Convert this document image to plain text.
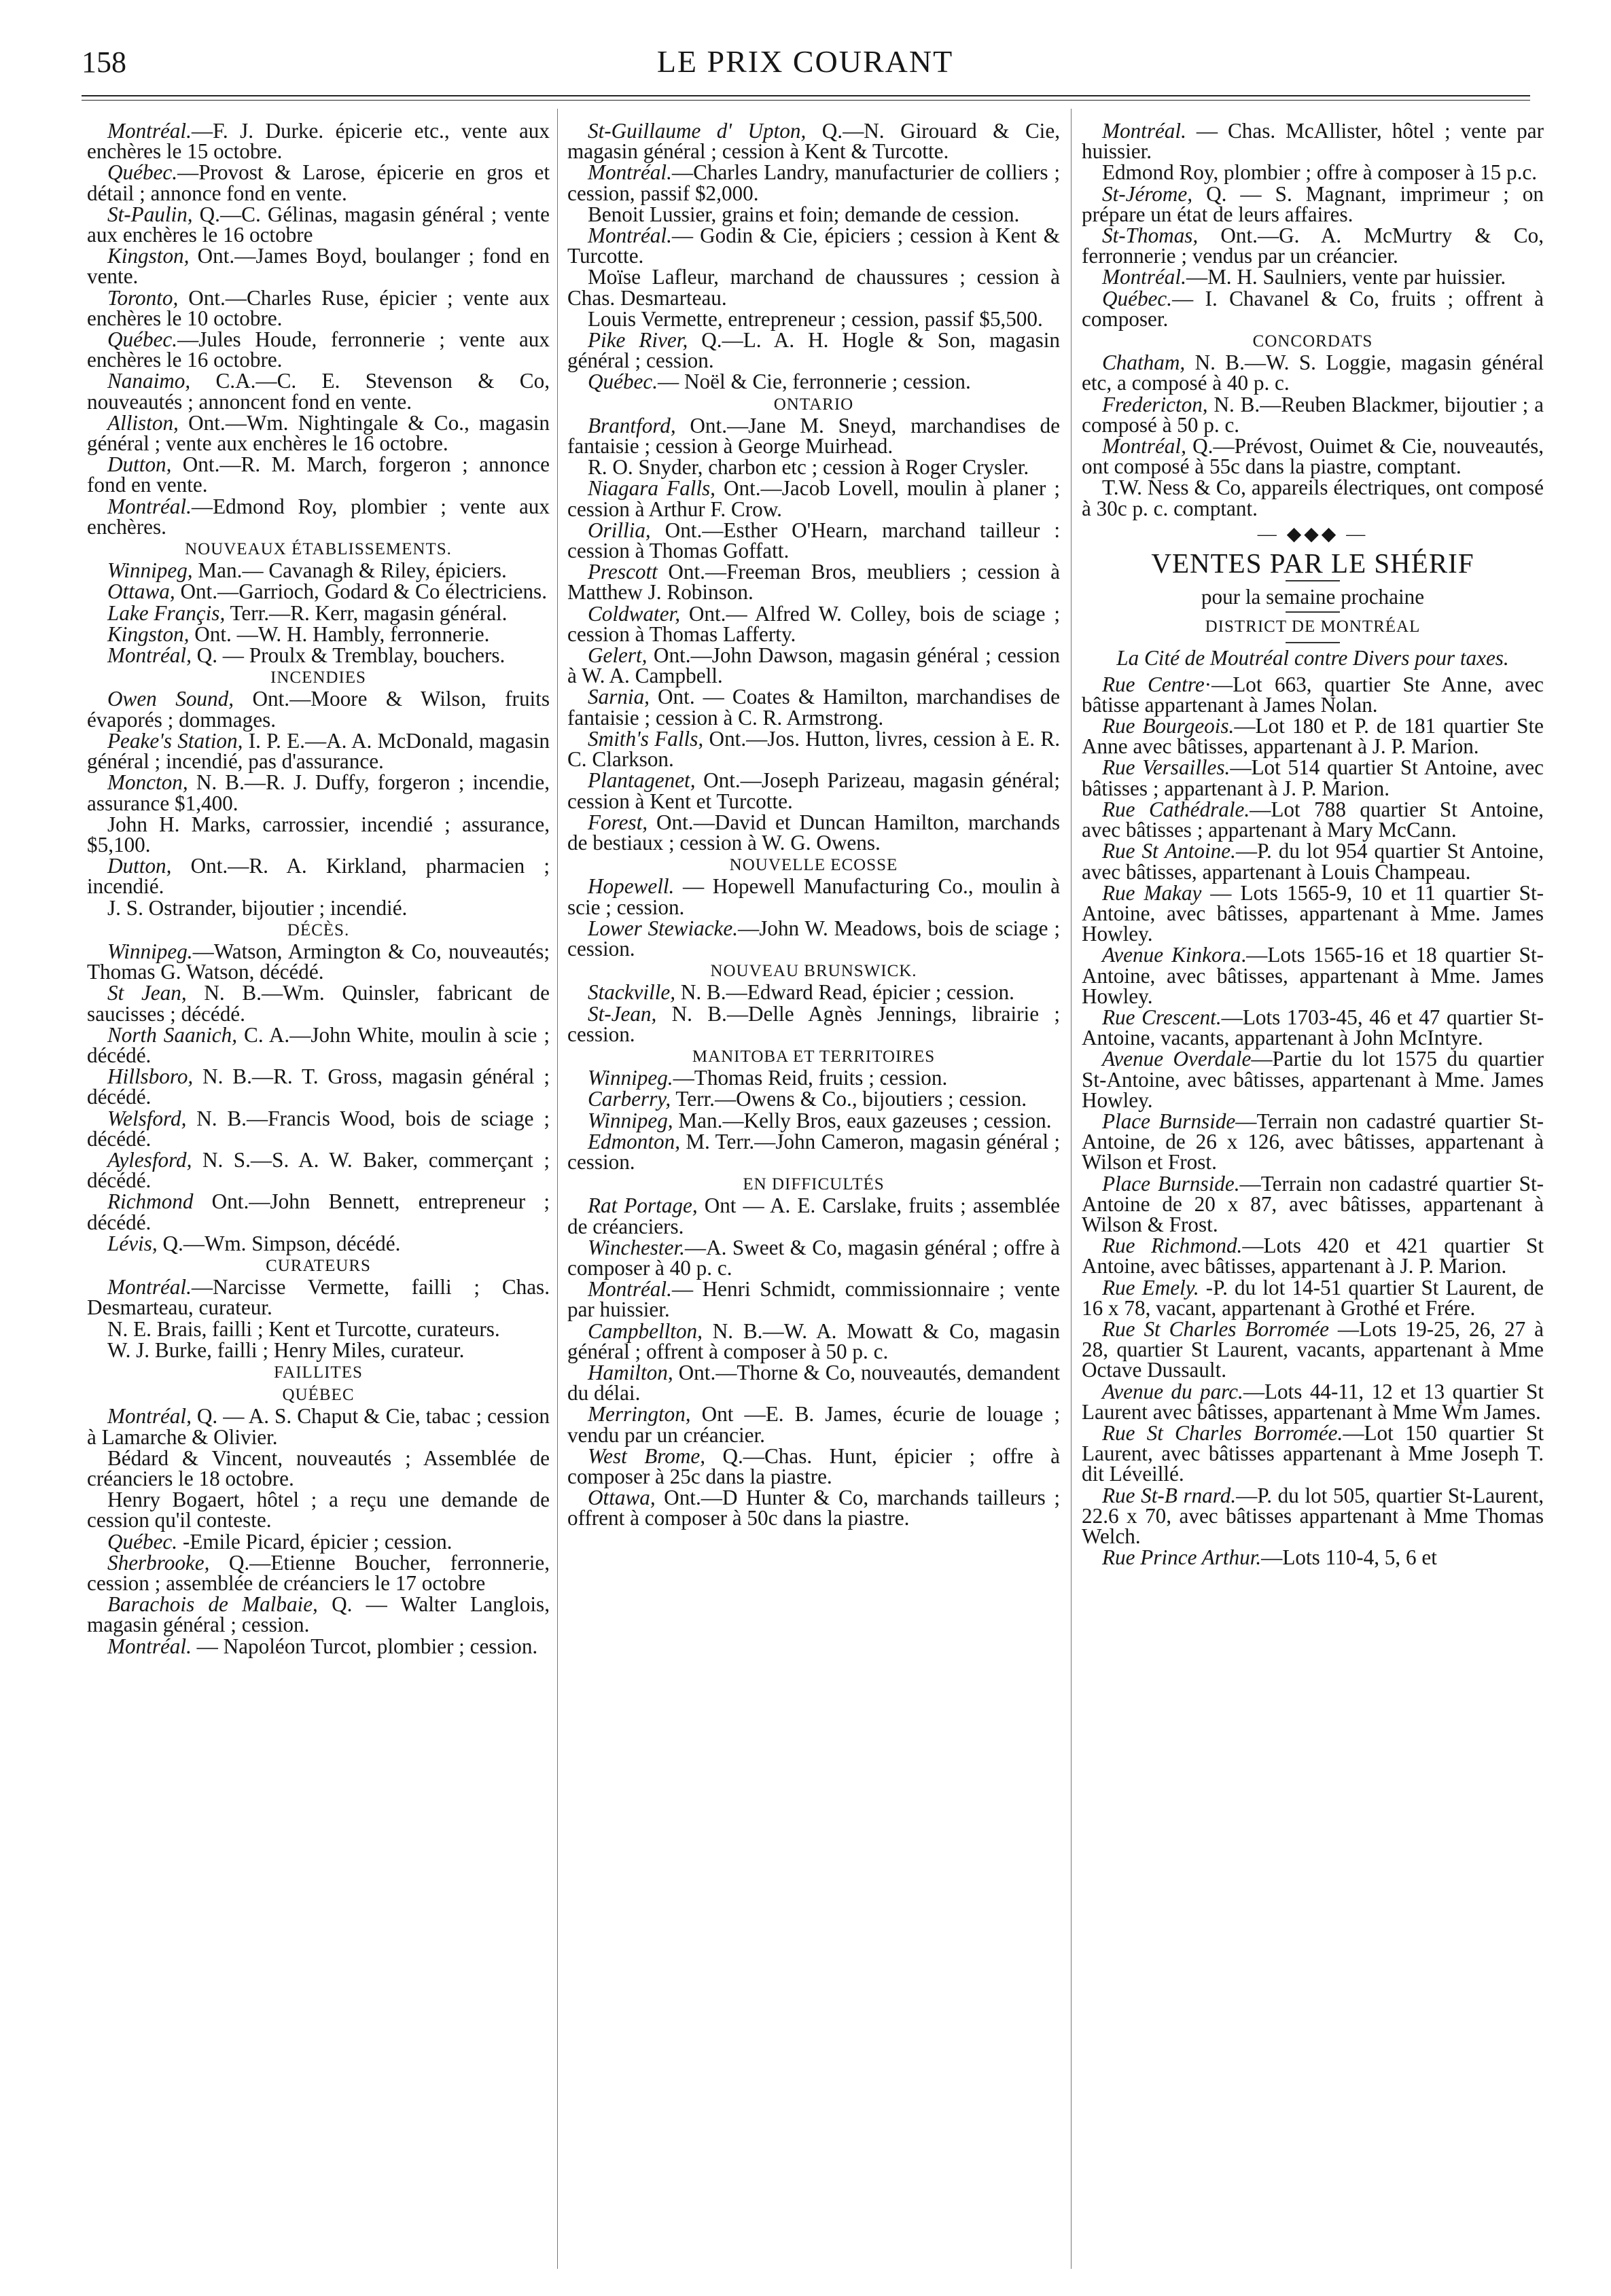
158	LE PRIX COURANT
Montréal.—F. J. Durke. épicerie etc., vente aux enchères le 15 octobre.
Québec.—Provost & Larose, épicerie en gros et détail ; annonce fond en vente.
St-Paulin, Q.—C. Gélinas, magasin général ; vente aux enchères le 16 octobre
Kingston, Ont.—James Boyd, boulanger ; fond en vente.
Toronto, Ont.—Charles Ruse, épicier ; vente aux enchères le 10 octobre.
Québec.—Jules Houde, ferronnerie ; vente aux enchères le 16 octobre.
Nanaimo, C.A.—C. E. Stevenson & Co, nouveautés ; annoncent fond en vente.
Alliston, Ont.—Wm. Nightingale & Co., magasin général ; vente aux enchères le 16 octobre.
Dutton, Ont.—R. M. March, forgeron ; annonce fond en vente.
Montréal.—Edmond Roy, plombier ; vente aux enchères.
NOUVEAUX ÉTABLISSEMENTS.
Winnipeg, Man.— Cavanagh & Riley, épiciers.
Ottawa, Ont.—Garrioch, Godard & Co électriciens.
Lake Françis, Terr.—R. Kerr, magasin général.
Kingston, Ont. —W. H. Hambly, ferronnerie.
Montréal, Q. — Proulx & Tremblay, bouchers.
INCENDIES
Owen Sound, Ont.—Moore & Wilson, fruits évaporés ; dommages.
Peake's Station, I. P. E.—A. A. McDonald, magasin général ; incendié, pas d'assurance.
Moncton, N. B.—R. J. Duffy, forgeron ; incendie, assurance $1,400.
John H. Marks, carrossier, incendié ; assurance, $5,100.
Dutton, Ont.—R. A. Kirkland, pharmacien ; incendié.
J. S. Ostrander, bijoutier ; incendié.
DÉCÈS.
Winnipeg.—Watson, Armington & Co, nouveautés; Thomas G. Watson, décédé.
St Jean, N. B.—Wm. Quinsler, fabricant de saucisses ; décédé.
North Saanich, C. A.—John White, moulin à scie ; décédé.
Hillsboro, N. B.—R. T. Gross, magasin général ; décédé.
Welsford, N. B.—Francis Wood, bois de sciage ; décédé.
Aylesford, N. S.—S. A. W. Baker, commerçant ; décédé.
Richmond Ont.—John Bennett, entrepreneur ; décédé.
Lévis, Q.—Wm. Simpson, décédé.
CURATEURS
Montréal.—Narcisse Vermette, failli ; Chas. Desmarteau, curateur.
N. E. Brais, failli ; Kent et Turcotte, curateurs.
W. J. Burke, failli ; Henry Miles, curateur.
FAILLITES
QUÉBEC
Montréal, Q. — A. S. Chaput & Cie, tabac ; cession à Lamarche & Olivier.
Bédard & Vincent, nouveautés ; Assemblée de créanciers le 18 octobre.
Henry Bogaert, hôtel ; a reçu une demande de cession qu'il conteste.
Québec. -Emile Picard, épicier ; cession.
Sherbrooke, Q.—Etienne Boucher, ferronnerie, cession ; assemblée de créanciers le 17 octobre
Barachois de Malbaie, Q. — Walter Langlois, magasin général ; cession.
Montréal. — Napoléon Turcot, plombier ; cession.
St-Guillaume d' Upton, Q.—N. Girouard & Cie, magasin général ; cession à Kent & Turcotte.
Montréal.—Charles Landry, manufacturier de colliers ; cession, passif $2,000.
Benoit Lussier, grains et foin; demande de cession.
Montréal.— Godin & Cie, épiciers ; cession à Kent & Turcotte.
Moïse Lafleur, marchand de chaussures ; cession à Chas. Desmarteau.
Louis Vermette, entrepreneur ; cession, passif $5,500.
Pike River, Q.—L. A. H. Hogle & Son, magasin général ; cession.
Québec.— Noël & Cie, ferronnerie ; cession.
ONTARIO
Brantford, Ont.—Jane M. Sneyd, marchandises de fantaisie ; cession à George Muirhead.
R. O. Snyder, charbon etc ; cession à Roger Crysler.
Niagara Falls, Ont.—Jacob Lovell, moulin à planer ; cession à Arthur F. Crow.
Orillia, Ont.—Esther O'Hearn, marchand tailleur : cession à Thomas Goffatt.
Prescott Ont.—Freeman Bros, meubliers ; cession à Matthew J. Robinson.
Coldwater, Ont.— Alfred W. Colley, bois de sciage ; cession à Thomas Lafferty.
Gelert, Ont.—John Dawson, magasin général ; cession à W. A. Campbell.
Sarnia, Ont. — Coates & Hamilton, marchandises de fantaisie ; cession à C. R. Armstrong.
Smith's Falls, Ont.—Jos. Hutton, livres, cession à E. R. C. Clarkson.
Plantagenet, Ont.—Joseph Parizeau, magasin général; cession à Kent et Turcotte.
Forest, Ont.—David et Duncan Hamilton, marchands de bestiaux ; cession à W. G. Owens.
NOUVELLE ECOSSE
Hopewell. — Hopewell Manufacturing Co., moulin à scie ; cession.
Lower Stewiacke.—John W. Meadows, bois de sciage ; cession.
NOUVEAU BRUNSWICK.
Stackville, N. B.—Edward Read, épicier ; cession.
St-Jean, N. B.—Delle Agnès Jennings, librairie ; cession.
MANITOBA ET TERRITOIRES
Winnipeg.—Thomas Reid, fruits ; cession.
Carberry, Terr.—Owens & Co., bijoutiers ; cession.
Winnipeg, Man.—Kelly Bros, eaux gazeuses ; cession.
Edmonton, M. Terr.—John Cameron, magasin général ; cession.
EN DIFFICULTÉS
Rat Portage, Ont — A. E. Carslake, fruits ; assemblée de créanciers.
Winchester.—A. Sweet & Co, magasin général ; offre à composer à 40 p. c.
Montréal.— Henri Schmidt, commissionnaire ; vente par huissier.
Campbellton, N. B.—W. A. Mowatt & Co, magasin général ; offrent à composer à 50 p. c.
Hamilton, Ont.—Thorne & Co, nouveautés, demandent du délai.
Merrington, Ont —E. B. James, écurie de louage ; vendu par un créancier.
West Brome, Q.—Chas. Hunt, épicier ; offre à composer à 25c dans la piastre.
Ottawa, Ont.—D Hunter & Co, marchands tailleurs ; offrent à composer à 50c dans la piastre.
Montréal. — Chas. McAllister, hôtel ; vente par huissier.
Edmond Roy, plombier ; offre à composer à 15 p.c.
St-Jérome, Q. — S. Magnant, imprimeur ; on prépare un état de leurs affaires.
St-Thomas, Ont.—G. A. McMurtry & Co, ferronnerie ; vendus par un créancier.
Montréal.—M. H. Saulniers, vente par huissier.
Québec.— I. Chavanel & Co, fruits ; offrent à composer.
CONCORDATS
Chatham, N. B.—W. S. Loggie, magasin général etc, a composé à 40 p. c.
Fredericton, N. B.—Reuben Blackmer, bijoutier ; a composé à 50 p. c.
Montréal, Q.—Prévost, Ouimet & Cie, nouveautés, ont composé à 55c dans la piastre, comptant.
T.W. Ness & Co, appareils électriques, ont composé à 30c p. c. comptant.
— ◆◆◆ —
VENTES PAR LE SHÉRIF
pour la semaine prochaine
DISTRICT DE MONTRÉAL
La Cité de Moutréal contre Divers pour taxes.
Rue Centre·—Lot 663, quartier Ste Anne, avec bâtisse appartenant à James Nolan.
Rue Bourgeois.—Lot 180 et P. de 181 quartier Ste Anne avec bâtisses, appartenant à J. P. Marion.
Rue Versailles.—Lot 514 quartier St Antoine, avec bâtisses ; appartenant à J. P. Marion.
Rue Cathédrale.—Lot 788 quartier St Antoine, avec bâtisses ; appartenant à Mary McCann.
Rue St Antoine.—P. du lot 954 quartier St Antoine, avec bâtisses, appartenant à Louis Champeau.
Rue Makay — Lots 1565-9, 10 et 11 quartier St-Antoine, avec bâtisses, appartenant à Mme. James Howley.
Avenue Kinkora.—Lots 1565-16 et 18 quartier St-Antoine, avec bâtisses, appartenant à Mme. James Howley.
Rue Crescent.—Lots 1703-45, 46 et 47 quartier St-Antoine, vacants, appartenant à John McIntyre.
Avenue Overdale—Partie du lot 1575 du quartier St-Antoine, avec bâtisses, appartenant à Mme. James Howley.
Place Burnside—Terrain non cadastré quartier St-Antoine, de 26 x 126, avec bâtisses, appartenant à Wilson et Frost.
Place Burnside.—Terrain non cadastré quartier St-Antoine de 20 x 87, avec bâtisses, appartenant à Wilson & Frost.
Rue Richmond.—Lots 420 et 421 quartier St Antoine, avec bâtisses, appartenant à J. P. Marion.
Rue Emely. -P. du lot 14-51 quartier St Laurent, de 16 x 78, vacant, appartenant à Grothé et Frére.
Rue St Charles Borromée —Lots 19-25, 26, 27 à 28, quartier St Laurent, vacants, appartenant à Mme Octave Dussault.
Avenue du parc.—Lots 44-11, 12 et 13 quartier St Laurent avec bâtisses, appartenant à Mme Wm James.
Rue St Charles Borromée.—Lot 150 quartier St Laurent, avec bâtisses appartenant à Mme Joseph T. dit Léveillé.
Rue St-B rnard.—P. du lot 505, quartier St-Laurent, 22.6 x 70, avec bâtisses appartenant à Mme Thomas Welch.
Rue Prince Arthur.—Lots 110-4, 5, 6 et
